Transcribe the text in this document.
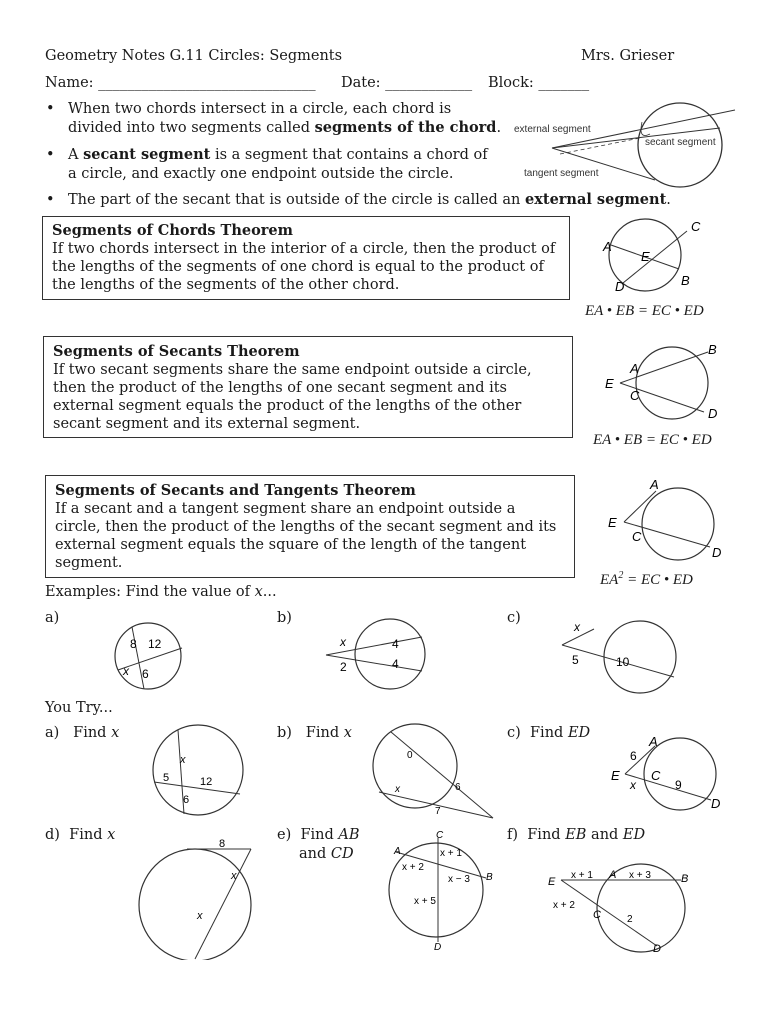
Geometry Notes G.11 Circles: Segments	Mrs. Grieser
Name: ______________________________ Date: ____________ Block: _______
• When two chords intersect in a circle, each chord is
divided into two segments called segments of the chord.
• A secant segment is a segment that contains a chord of
a circle, and exactly one endpoint outside the circle.
• The part of the secant that is outside of the circle is called an external segment.
external segment
secant segment
tangent segment
Segments of Chords Theorem
If two chords intersect in the interior of a circle, then the product of
the lengths of the segments of one chord is equal to the product of
the lengths of the segments of the other chord.
A
B
C
D
E
EA • EB = EC • ED
Segments of Secants Theorem
If two secant segments share the same endpoint outside a circle,
then the product of the lengths of one secant segment and its
external segment equals the product of the lengths of the other
secant segment and its external segment.
A
B
C
D
E
EA • EB = EC • ED
Segments of Secants and Tangents Theorem
If a secant and a tangent segment share an endpoint outside a
circle, then the product of the lengths of the secant segment and its
external segment equals the square of the length of the tangent
segment.
A
C
D
E
$EA^2$ = EC • ED
Examples: Find the value of x...
a)
8 12
x 6
b)
x	4
2	4
c)
x
5	10
You Try...
a) Find x
x
5	12
6
b) Find x
0
6
x
7
c) Find ED
A
6
E C
x	9
D
d) Find x
8
x
x
e) Find AB
and CD
C
A	x + 1
x + 2
x − 3 B
x + 5
D
f) Find EB and ED
E
x + 1 A x + 3	B
x + 2
C	2
D
